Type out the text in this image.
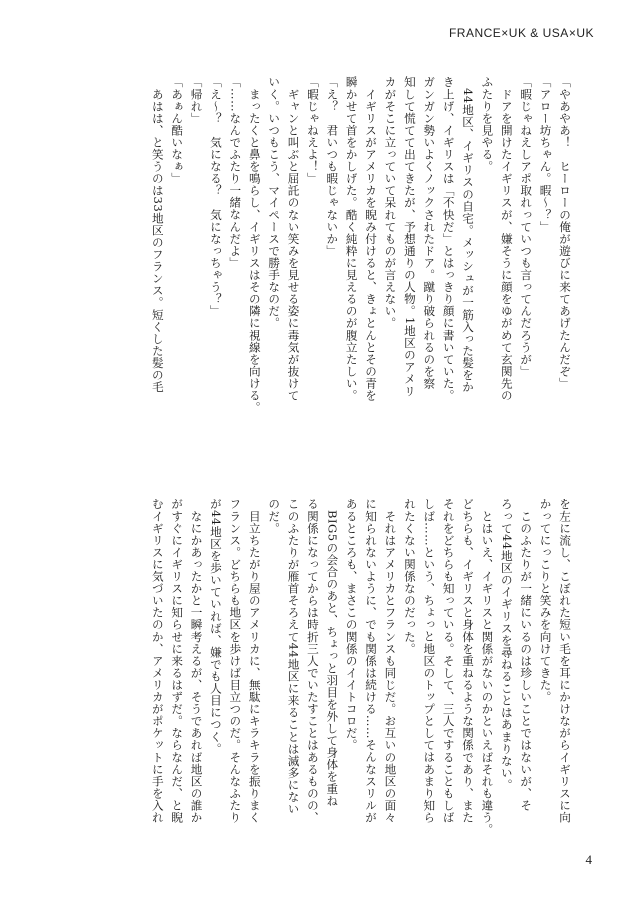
FRANCE×UK & USA×UK
「やあやあ！　ヒーローの俺が遊びに来てあげたんだぞ」
「アロー坊ちゃん。暇～？」
「暇じゃねえしアポ取れっていつも言ってんだろうが」
　ドアを開けたイギリスが、嫌そうに顔をゆがめて玄関先の
ふたりを見やる。
　44地区、イギリスの自宅。メッシュが一筋入った髪をか
き上げ、イギリスは「不快だ」とはっきり顔に書いていた。
ガンガン勢いよくノックされたドア。蹴り破られるのを察
知して慌てて出てきたが、予想通りの人物。1地区のアメリ
カがそこに立っていて呆れてものが言えない。
　イギリスがアメリカを睨み付けると、きょとんとその青を
瞬かせて首をかしげた。酷く純粋に見えるのが腹立たしい。
「え？　君いつも暇じゃないか」
「暇じゃねえよ！」
　ギャンと叫ぶと屈託のない笑みを見せる姿に毒気が抜けて
いく。いつもこう、マイペースで勝手なのだ。
　まったくと鼻を鳴らし、イギリスはその隣に視線を向ける。
「……なんでふたり一緒なんだよ」
「え～？　気になる？　気になっちゃう？」
「帰れ」
「あぁん酷いなぁ」
　あはは、と笑うのは33地区のフランス。短くした髪の毛
を左に流し、こぼれた短い毛を耳にかけながらイギリスに向
かってにっこりと笑みを向けてきた。
　このふたりが一緒にいるのは珍しいことではないが、そ
ろって44地区のイギリスを尋ねることはあまりない。
　とはいえ、イギリスと関係がないのかといえばそれも違う。
どちらも、イギリスと身体を重ねるような関係であり、また
それをどちらも知っている。そして、三人ですることもしば
しば……という、ちょっと地区のトップとしてはあまり知ら
れたくない関係なのだった。
　それはアメリカとフランスも同じだ。お互いの地区の面々
に知られないように、でも関係は続ける……そんなスリルが
あるところも、まさこの関係のイイトコロだ。
　BIG5の会合のあと、ちょっと羽目を外して身体を重ね
る関係になってからは時折三人でいたすことはあるものの、
このふたりが雁首そろえて44地区に来ることは滅多にない
のだ。
　目立ちたがり屋のアメリカに、無駄にキラキラを振りまく
フランス。どちらも地区を歩けば目立つのだ。そんなふたり
が44地区を歩いていれば、嫌でも人目につく。
　なにかあったかと一瞬考えるが、そうであれば地区の誰か
がすぐにイギリスに知らせに来るはずだ。ならなんだ、と睨
むイギリスに気づいたのか、アメリカがポケットに手を入れ
4
